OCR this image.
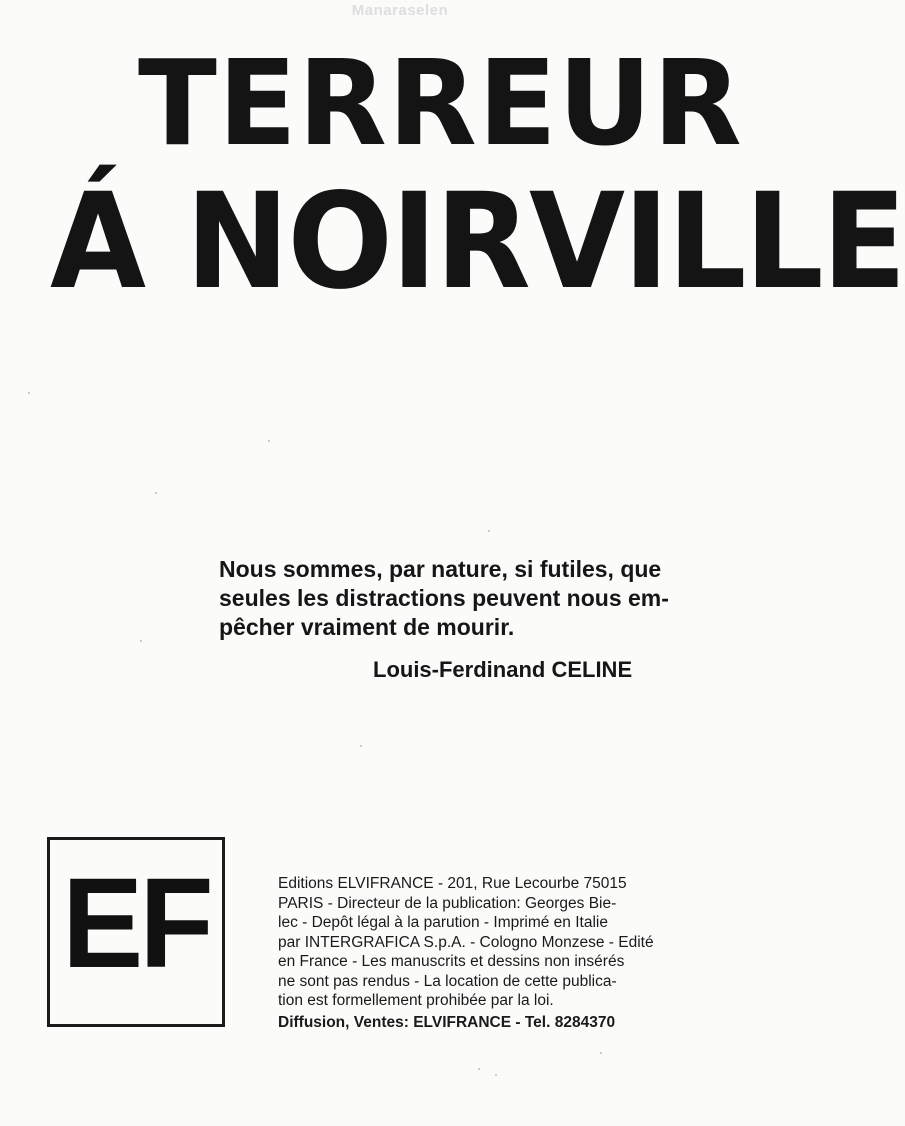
Manaraselen
TERREUR
Á NOIRVILLE
Nous sommes, par nature, si futiles, que
seules les distractions peuvent nous em-
pêcher vraiment de mourir.
Louis-Ferdinand CELINE
EF	Editions ELVIFRANCE - 201, Rue Lecourbe 75015
PARIS - Directeur de la publication: Georges Bie-
lec - Depôt légal à la parution - Imprimé en Italie
par INTERGRAFICA S.p.A. - Cologno Monzese - Edité
en France - Les manuscrits et dessins non insérés
ne sont pas rendus - La location de cette publica-
tion est formellement prohibée par la loi.
Diffusion, Ventes: ELVIFRANCE - Tel. 8284370
